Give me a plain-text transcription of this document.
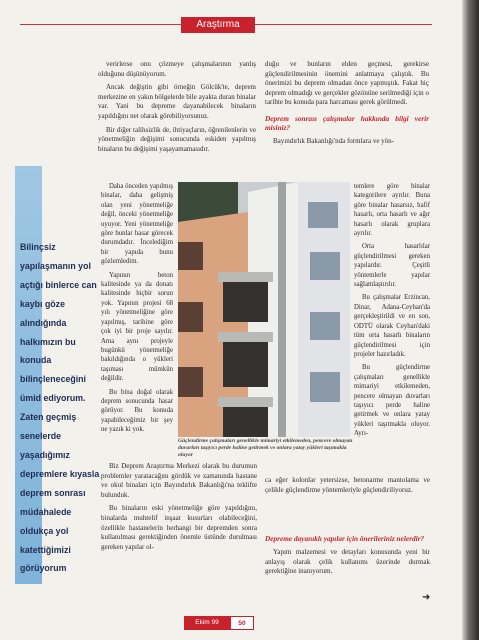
Araştırma

verirlerse onu çözmeye çalışmalarının yanlış olduğunu düşünüyorum.

Ancak değiştin gibi örneğin Gölcük'te, deprem merkezine en yakın bölgelerde bile ayakta duran binalar var. Yani bu depreme dayanabilecek binaların yapıldığını net olarak görebiliyorsunuz.

Bir diğer talihsizlik de, ihtiyaçların, öğrenilenlerin ve yönetmeliğin değişimi sonucunda eskiden yapılmış binaların bu değişimi yaşayamamasıdır.

duğu ve bunların elden geçmesi, gerekirse güçlendirilmesinin önemini anlatmaya çalıştık. Bu önerimizi bu deprem olmadan önce yapmıştık. Fakat hiç deprem olmadığı ve gerçekler gözönüne serilmediği için o tarihte bu konuda para harcaması gerek görülmedi.

Deprem sonrası çalışmalar hakkında bilgi verir misiniz?

Bayındırlık Bakanlığı'nda formlara ve yön-

Bilinçsiz yapılaşmanın yol açtığı binlerce can kaybı göze alındığında halkımızın bu konuda bilinçleneceğini ümid ediyorum. Zaten geçmiş senelerde yaşadığımız depremlere kıyasla deprem sonrası müdahalede oldukça yol katettiğimizi görüyorum

Daha önceden yapılmış binalar, daha gelişmiş olan yeni yönetmeliğe değil, önceki yönetmeliğe uyuyor. Yeni yönetmeliğe göre bunlar hasar görecek durumdadır. İncelediğim bir yapıda bunu gözlemledim.

Yapının beton kalitesinde ya da donatı kalitesinde hiçbir sorun yok. Yapının projesi 68 yılı yönetmeliğine göre yapılmış, tarihine göre çok iyi bir proje sayılır. Ama aynı projeyle bugünkü yönetmeliğe bakıldığında o yükleri taşıması mümkün değildir.

Bu bina doğal olarak deprem sonucunda hasar görüyor. Bu konuda yapabileceğimiz bir şey ne yazık ki yok.

Güçlendirme çalışmaları genellikle mimariyi etkilemeden, pencere olmayan duvarları taşıyıcı perde haline getirmek ve onlara yatay yükleri taşımakla oluyor

temlere göre binalar kategorilere ayrılır. Buna göre binalar hasarsız, hafif hasarlı, orta hasarlı ve ağır hasarlı olarak gruplara ayrılır.

Orta hasarlılar güçlendirilmesi gereken yapılardır. Çeşitli yöntemlerle yapılar sağlamlaştırılır.

Bu çalışmalar Erzincan, Dinar, Adana-Ceyhan'da gerçekleştirildi ve en son, ODTÜ olarak Ceyhan'daki tüm orta hasarlı binaların güçlendirilmesi için projeler hazırladık.

Bu güçlendirme çalışmaları genellikle mimariyi etkilemeden, pencere olmayan duvarları taşıyıcı perde haline getirmek ve onlara yatay yükleri taşıtmakla oluyor. Ayrı-

Biz Deprem Araştırma Merkezi olarak bu durumun problemler yaratacağını gördük ve zamanında hastane ve okul binaları için Bayındırlık Bakanlığı'na teklifte bulunduk.

Bu binaların eski yönetmeliğe göre yapıldığını, binalarda muhtelif inşaat kusurları olabileceğini, özellikle hastanelerin herhangi bir depremden sonra kullanılması gerektiğinden önemle üstünde durulması gereken yapılar ol-

ca eğer kolonlar yetersizse, betonarme mantolama ve çelikle güçlendirme yöntemleriyle güçlendiriliyoruz.

Depreme dayanıklı yapılar için önerileriniz nelerdir?

Yapım malzemesi ve detayları konusunda yeni bir anlayış olarak çelik kullanımı üzerinde durmak gerektiğine inanıyorum.

➜
Ekim 99	50
